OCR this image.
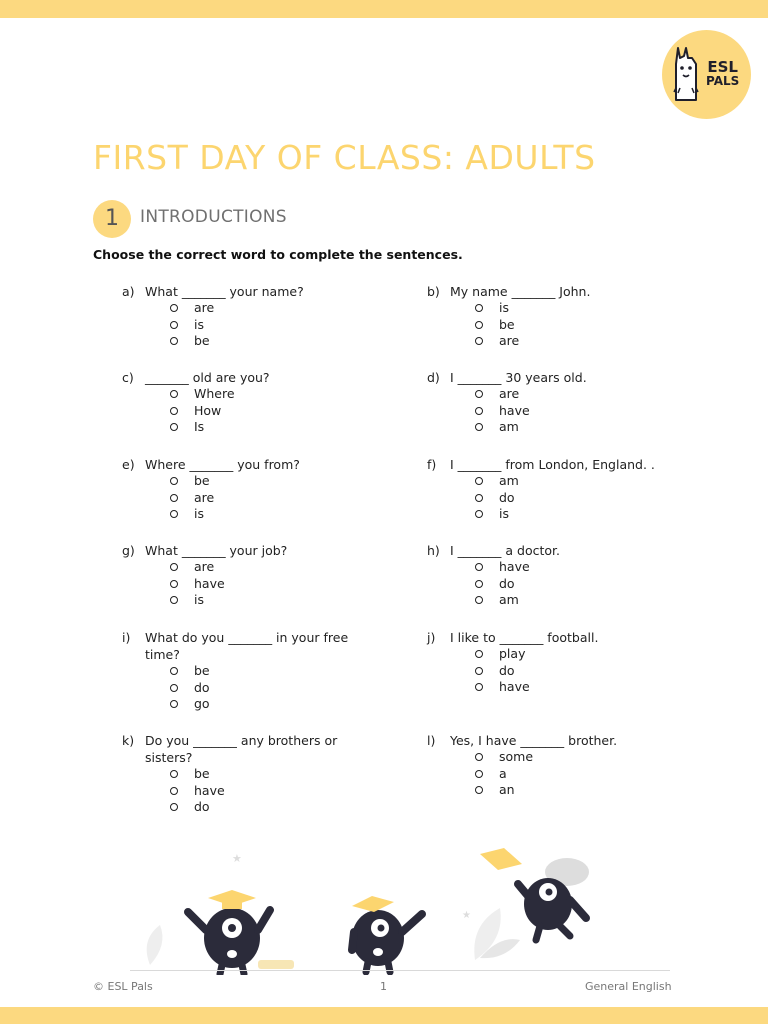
ESL
PALS
FIRST DAY OF CLASS: ADULTS
1	INTRODUCTIONS
Choose the correct word to complete the sentences.
a) What _______ your name?
are
is
be
b) My name _______ John.
is
be
are
c) _______ old are you?
Where
How
Is
d) I _______ 30 years old.
are
have
am
e) Where _______ you from?
be
are
is
f) I _______ from London, England. .
am
do
is
g) What _______ your job?
are
have
is
h) I _______ a doctor.
have
do
am
i) What do you _______ in your free time?
be
do
go
j) I like to _______ football.
play
do
have
k) Do you _______ any brothers or sisters?
be
have
do
l) Yes, I have _______ brother.
some
a
an
★
★
© ESL Pals	1	General English
